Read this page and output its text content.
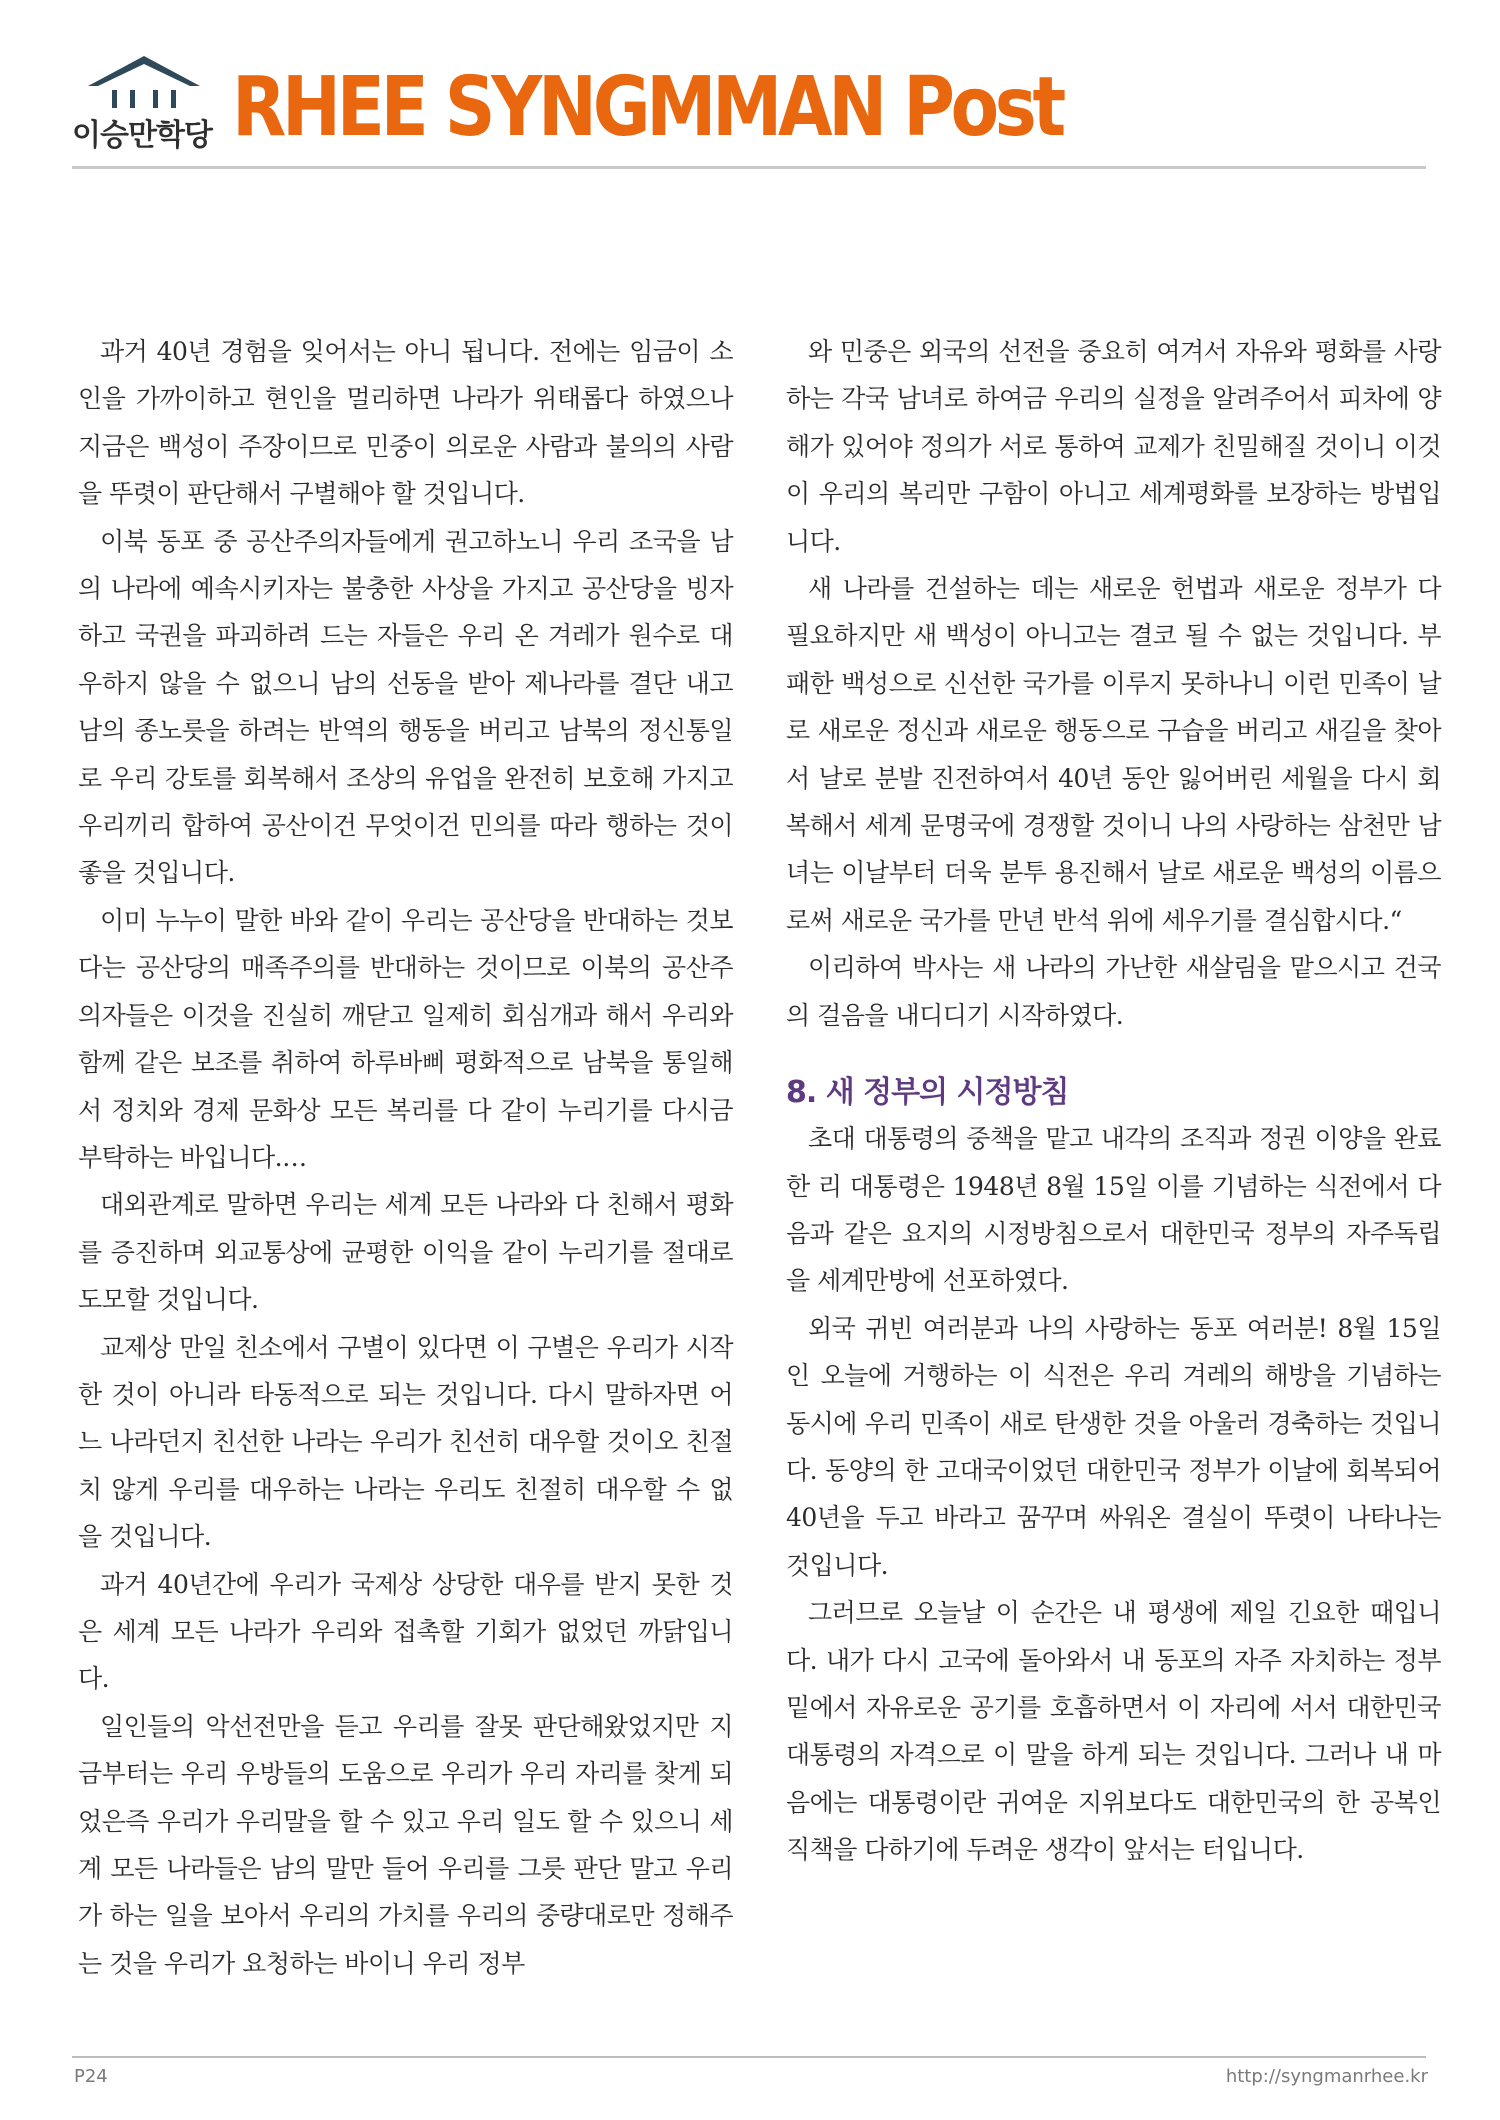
이승만학당 RHEE SYNGMMAN Post

과거 40년 경험을 잊어서는 아니 됩니다. 전에는 임금이 소인을 가까이하고 현인을 멀리하면 나라가 위태롭다 하였으나 지금은 백성이 주장이므로 민중이 의로운 사람과 불의의 사람을 뚜렷이 판단해서 구별해야 할 것입니다.

이북 동포 중 공산주의자들에게 권고하노니 우리 조국을 남의 나라에 예속시키자는 불충한 사상을 가지고 공산당을 빙자하고 국권을 파괴하려 드는 자들은 우리 온 겨레가 원수로 대우하지 않을 수 없으니 남의 선동을 받아 제나라를 결단 내고 남의 종노릇을 하려는 반역의 행동을 버리고 남북의 정신통일로 우리 강토를 회복해서 조상의 유업을 완전히 보호해 가지고 우리끼리 합하여 공산이건 무엇이건 민의를 따라 행하는 것이 좋을 것입니다.

이미 누누이 말한 바와 같이 우리는 공산당을 반대하는 것보다는 공산당의 매족주의를 반대하는 것이므로 이북의 공산주의자들은 이것을 진실히 깨닫고 일제히 회심개과 해서 우리와 함께 같은 보조를 취하여 하루바삐 평화적으로 남북을 통일해서 정치와 경제 문화상 모든 복리를 다 같이 누리기를 다시금 부탁하는 바입니다.…

대외관계로 말하면 우리는 세계 모든 나라와 다 친해서 평화를 증진하며 외교통상에 균평한 이익을 같이 누리기를 절대로 도모할 것입니다.

교제상 만일 친소에서 구별이 있다면 이 구별은 우리가 시작한 것이 아니라 타동적으로 되는 것입니다. 다시 말하자면 어느 나라던지 친선한 나라는 우리가 친선히 대우할 것이오 친절치 않게 우리를 대우하는 나라는 우리도 친절히 대우할 수 없을 것입니다.

과거 40년간에 우리가 국제상 상당한 대우를 받지 못한 것은 세계 모든 나라가 우리와 접촉할 기회가 없었던 까닭입니다.

일인들의 악선전만을 듣고 우리를 잘못 판단해왔었지만 지금부터는 우리 우방들의 도움으로 우리가 우리 자리를 찾게 되었은즉 우리가 우리말을 할 수 있고 우리 일도 할 수 있으니 세계 모든 나라들은 남의 말만 들어 우리를 그릇 판단 말고 우리가 하는 일을 보아서 우리의 가치를 우리의 중량대로만 정해주는 것을 우리가 요청하는 바이니 우리 정부

와 민중은 외국의 선전을 중요히 여겨서 자유와 평화를 사랑하는 각국 남녀로 하여금 우리의 실정을 알려주어서 피차에 양해가 있어야 정의가 서로 통하여 교제가 친밀해질 것이니 이것이 우리의 복리만 구함이 아니고 세계평화를 보장하는 방법입니다.

새 나라를 건설하는 데는 새로운 헌법과 새로운 정부가 다 필요하지만 새 백성이 아니고는 결코 될 수 없는 것입니다. 부패한 백성으로 신선한 국가를 이루지 못하나니 이런 민족이 날로 새로운 정신과 새로운 행동으로 구습을 버리고 새길을 찾아서 날로 분발 진전하여서 40년 동안 잃어버린 세월을 다시 회복해서 세계 문명국에 경쟁할 것이니 나의 사랑하는 삼천만 남녀는 이날부터 더욱 분투 용진해서 날로 새로운 백성의 이름으로써 새로운 국가를 만년 반석 위에 세우기를 결심합시다.“

이리하여 박사는 새 나라의 가난한 새살림을 맡으시고 건국의 걸음을 내디디기 시작하였다.

8. 새 정부의 시정방침

초대 대통령의 중책을 맡고 내각의 조직과 정권 이양을 완료한 리 대통령은 1948년 8월 15일 이를 기념하는 식전에서 다음과 같은 요지의 시정방침으로서 대한민국 정부의 자주독립을 세계만방에 선포하였다.

외국 귀빈 여러분과 나의 사랑하는 동포 여러분! 8월 15일인 오늘에 거행하는 이 식전은 우리 겨레의 해방을 기념하는 동시에 우리 민족이 새로 탄생한 것을 아울러 경축하는 것입니다. 동양의 한 고대국이었던 대한민국 정부가 이날에 회복되어 40년을 두고 바라고 꿈꾸며 싸워온 결실이 뚜렷이 나타나는 것입니다.

그러므로 오늘날 이 순간은 내 평생에 제일 긴요한 때입니다. 내가 다시 고국에 돌아와서 내 동포의 자주 자치하는 정부 밑에서 자유로운 공기를 호흡하면서 이 자리에 서서 대한민국 대통령의 자격으로 이 말을 하게 되는 것입니다. 그러나 내 마음에는 대통령이란 귀여운 지위보다도 대한민국의 한 공복인 직책을 다하기에 두려운 생각이 앞서는 터입니다.

P24	http://syngmanrhee.kr
